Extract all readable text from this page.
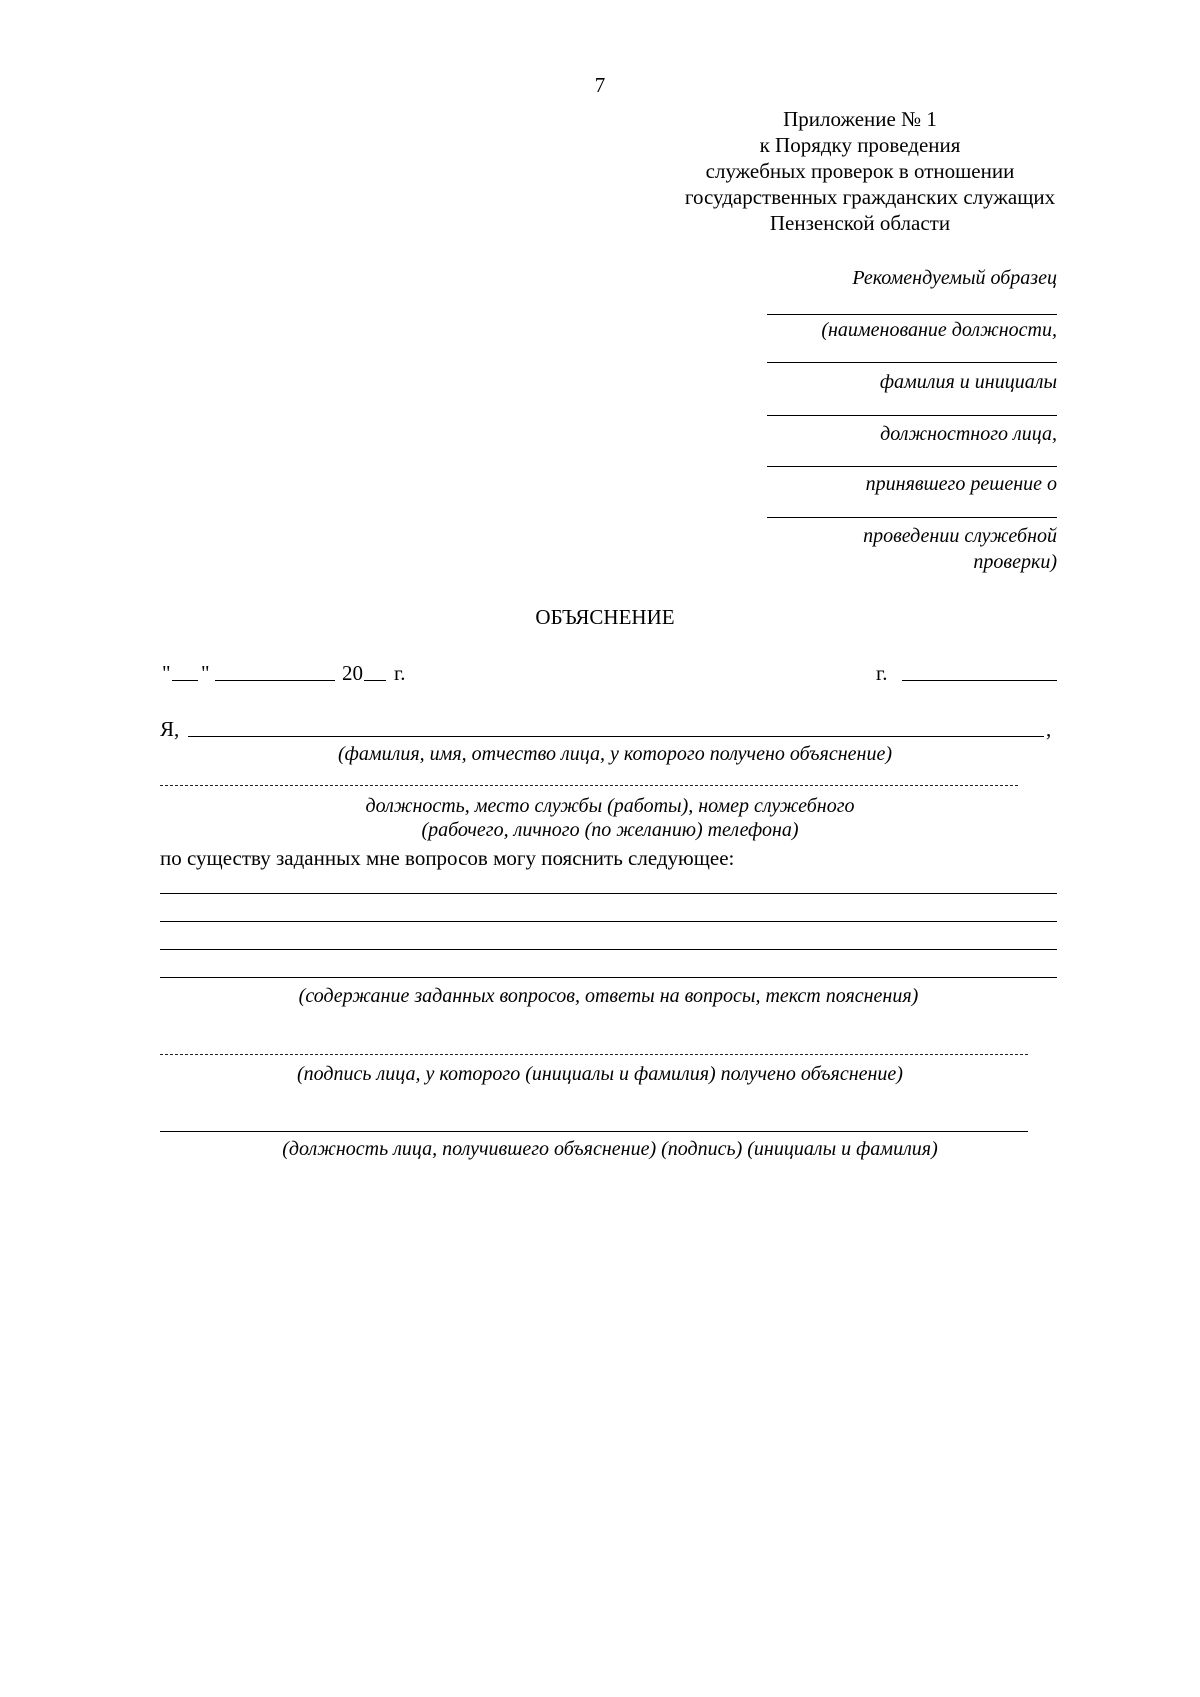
7
Приложение № 1
к Порядку проведения
служебных проверок в отношении
государственных гражданских служащих
Пензенской области
Рекомендуемый образец
(наименование должности,
фамилия и инициалы
должностного лица,
принявшего решение о
проведении служебной
проверки)
ОБЪЯСНЕНИЕ
" "	20 г.	г.
Я,	,
(фамилия, имя, отчество лица, у которого получено объяснение)
должность, место службы (работы), номер служебного
(рабочего, личного (по желанию) телефона)
по существу заданных мне вопросов могу пояснить следующее:
(содержание заданных вопросов, ответы на вопросы, текст пояснения)
(подпись лица, у которого (инициалы и фамилия) получено объяснение)
(должность лица, получившего объяснение) (подпись) (инициалы и фамилия)
